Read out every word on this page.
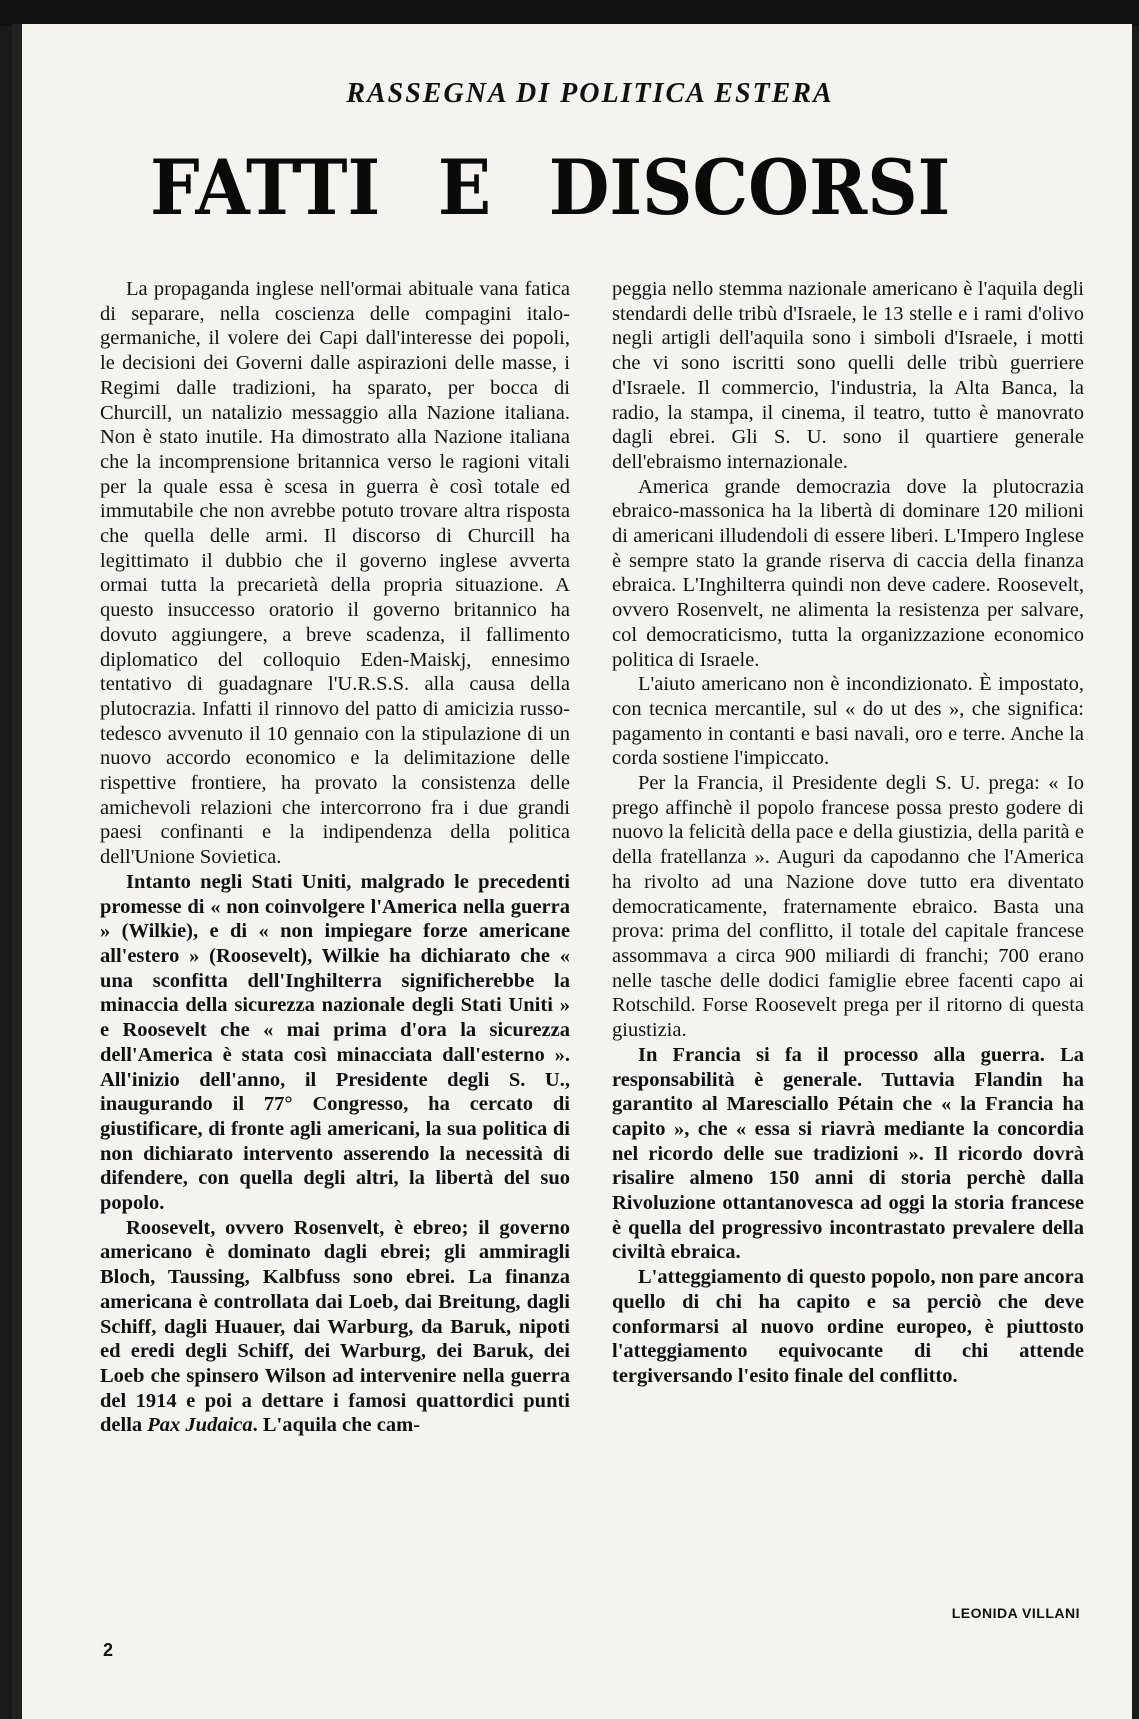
RASSEGNA DI POLITICA ESTERA
FATTI E DISCORSI

La propaganda inglese nell'ormai abituale vana fatica di separare, nella coscienza delle compagini italo-germaniche, il volere dei Capi dall'interesse dei popoli, le decisioni dei Governi dalle aspirazioni delle masse, i Regimi dalle tradizioni, ha sparato, per bocca di Churcill, un natalizio messaggio alla Nazione italiana. Non è stato inutile. Ha dimostrato alla Nazione italiana che la incomprensione britannica verso le ragioni vitali per la quale essa è scesa in guerra è così totale ed immutabile che non avrebbe potuto trovare altra risposta che quella delle armi. Il discorso di Churcill ha legittimato il dubbio che il governo inglese avverta ormai tutta la precarietà della propria situazione. A questo insuccesso oratorio il governo britannico ha dovuto aggiungere, a breve scadenza, il fallimento diplomatico del colloquio Eden-Maiskj, ennesimo tentativo di guadagnare l'U.R.S.S. alla causa della plutocrazia. Infatti il rinnovo del patto di amicizia russo-tedesco avvenuto il 10 gennaio con la stipulazione di un nuovo accordo economico e la delimitazione delle rispettive frontiere, ha provato la consistenza delle amichevoli relazioni che intercorrono fra i due grandi paesi confinanti e la indipendenza della politica dell'Unione Sovietica.

Intanto negli Stati Uniti, malgrado le precedenti promesse di « non coinvolgere l'America nella guerra » (Wilkie), e di « non impiegare forze americane all'estero » (Roosevelt), Wilkie ha dichiarato che « una sconfitta dell'Inghilterra significherebbe la minaccia della sicurezza nazionale degli Stati Uniti » e Roosevelt che « mai prima d'ora la sicurezza dell'America è stata così minacciata dall'esterno ». All'inizio dell'anno, il Presidente degli S. U., inaugurando il 77° Congresso, ha cercato di giustificare, di fronte agli americani, la sua politica di non dichiarato intervento asserendo la necessità di difendere, con quella degli altri, la libertà del suo popolo.

Roosevelt, ovvero Rosenvelt, è ebreo; il governo americano è dominato dagli ebrei; gli ammiragli Bloch, Taussing, Kalbfuss sono ebrei. La finanza americana è controllata dai Loeb, dai Breitung, dagli Schiff, dagli Huauer, dai Warburg, da Baruk, nipoti ed eredi degli Schiff, dei Warburg, dei Baruk, dei Loeb che spinsero Wilson ad intervenire nella guerra del 1914 e poi a dettare i famosi quattordici punti della Pax Judaica. L'aquila che cam-

peggia nello stemma nazionale americano è l'aquila degli stendardi delle tribù d'Israele, le 13 stelle e i rami d'olivo negli artigli dell'aquila sono i simboli d'Israele, i motti che vi sono iscritti sono quelli delle tribù guerriere d'Israele. Il commercio, l'industria, la Alta Banca, la radio, la stampa, il cinema, il teatro, tutto è manovrato dagli ebrei. Gli S. U. sono il quartiere generale dell'ebraismo internazionale.

America grande democrazia dove la plutocrazia ebraico-massonica ha la libertà di dominare 120 milioni di americani illudendoli di essere liberi. L'Impero Inglese è sempre stato la grande riserva di caccia della finanza ebraica. L'Inghilterra quindi non deve cadere. Roosevelt, ovvero Rosenvelt, ne alimenta la resistenza per salvare, col democraticismo, tutta la organizzazione economico politica di Israele.

L'aiuto americano non è incondizionato. È impostato, con tecnica mercantile, sul « do ut des », che significa: pagamento in contanti e basi navali, oro e terre. Anche la corda sostiene l'impiccato.

Per la Francia, il Presidente degli S. U. prega: « Io prego affinchè il popolo francese possa presto godere di nuovo la felicità della pace e della giustizia, della parità e della fratellanza ». Auguri da capodanno che l'America ha rivolto ad una Nazione dove tutto era diventato democraticamente, fraternamente ebraico. Basta una prova: prima del conflitto, il totale del capitale francese assommava a circa 900 miliardi di franchi; 700 erano nelle tasche delle dodici famiglie ebree facenti capo ai Rotschild. Forse Roosevelt prega per il ritorno di questa giustizia.

In Francia si fa il processo alla guerra. La responsabilità è generale. Tuttavia Flandin ha garantito al Maresciallo Pétain che « la Francia ha capito », che « essa si riavrà mediante la concordia nel ricordo delle sue tradizioni ». Il ricordo dovrà risalire almeno 150 anni di storia perchè dalla Rivoluzione ottantanovesca ad oggi la storia francese è quella del progressivo incontrastato prevalere della civiltà ebraica.

L'atteggiamento di questo popolo, non pare ancora quello di chi ha capito e sa perciò che deve conformarsi al nuovo ordine europeo, è piuttosto l'atteggiamento equivocante di chi attende tergiversando l'esito finale del conflitto.

LEONIDA VILLANI

2
